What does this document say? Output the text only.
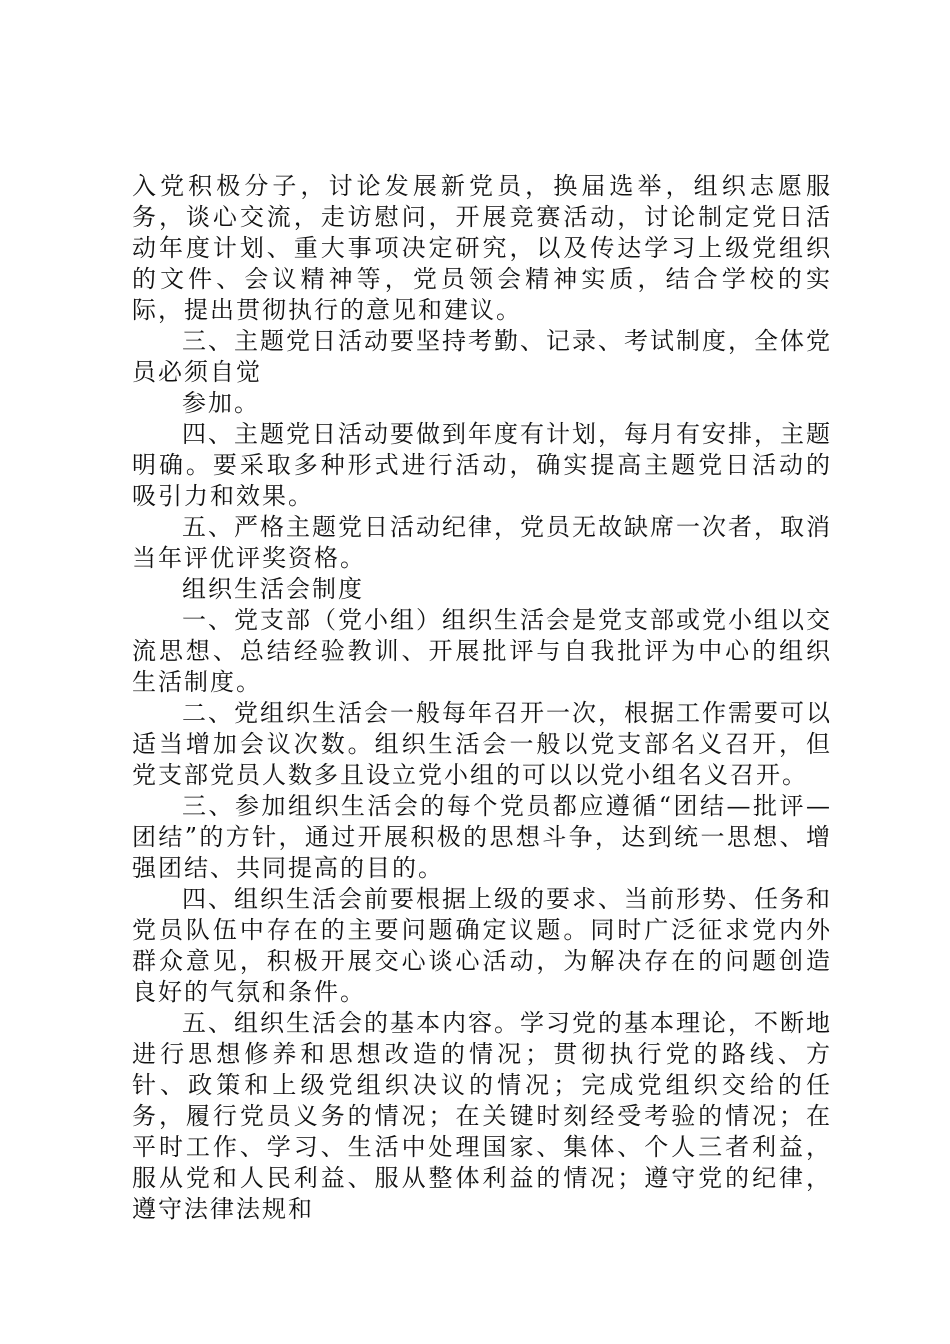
入党积极分子，讨论发展新党员，换届选举，组织志愿服务，谈心交流，走访慰问，开展竞赛活动，讨论制定党日活动年度计划、重大事项决定研究，以及传达学习上级党组织的文件、会议精神等，党员领会精神实质，结合学校的实际，提出贯彻执行的意见和建议。

三、主题党日活动要坚持考勤、记录、考试制度，全体党员必须自觉

参加。

四、主题党日活动要做到年度有计划，每月有安排，主题明确。要采取多种形式进行活动，确实提高主题党日活动的吸引力和效果。

五、严格主题党日活动纪律，党员无故缺席一次者，取消当年评优评奖资格。

组织生活会制度

一、党支部（党小组）组织生活会是党支部或党小组以交流思想、总结经验教训、开展批评与自我批评为中心的组织生活制度。

二、党组织生活会一般每年召开一次，根据工作需要可以适当增加会议次数。组织生活会一般以党支部名义召开，但党支部党员人数多且设立党小组的可以以党小组名义召开。

三、参加组织生活会的每个党员都应遵循“团结—批评—团结”的方针，通过开展积极的思想斗争，达到统一思想、增强团结、共同提高的目的。

四、组织生活会前要根据上级的要求、当前形势、任务和党员队伍中存在的主要问题确定议题。同时广泛征求党内外群众意见，积极开展交心谈心活动，为解决存在的问题创造良好的气氛和条件。

五、组织生活会的基本内容。学习党的基本理论，不断地进行思想修养和思想改造的情况；贯彻执行党的路线、方针、政策和上级党组织决议的情况；完成党组织交给的任务，履行党员义务的情况；在关键时刻经受考验的情况；在平时工作、学习、生活中处理国家、集体、个人三者利益，服从党和人民利益、服从整体利益的情况；遵守党的纪律，遵守法律法规和
